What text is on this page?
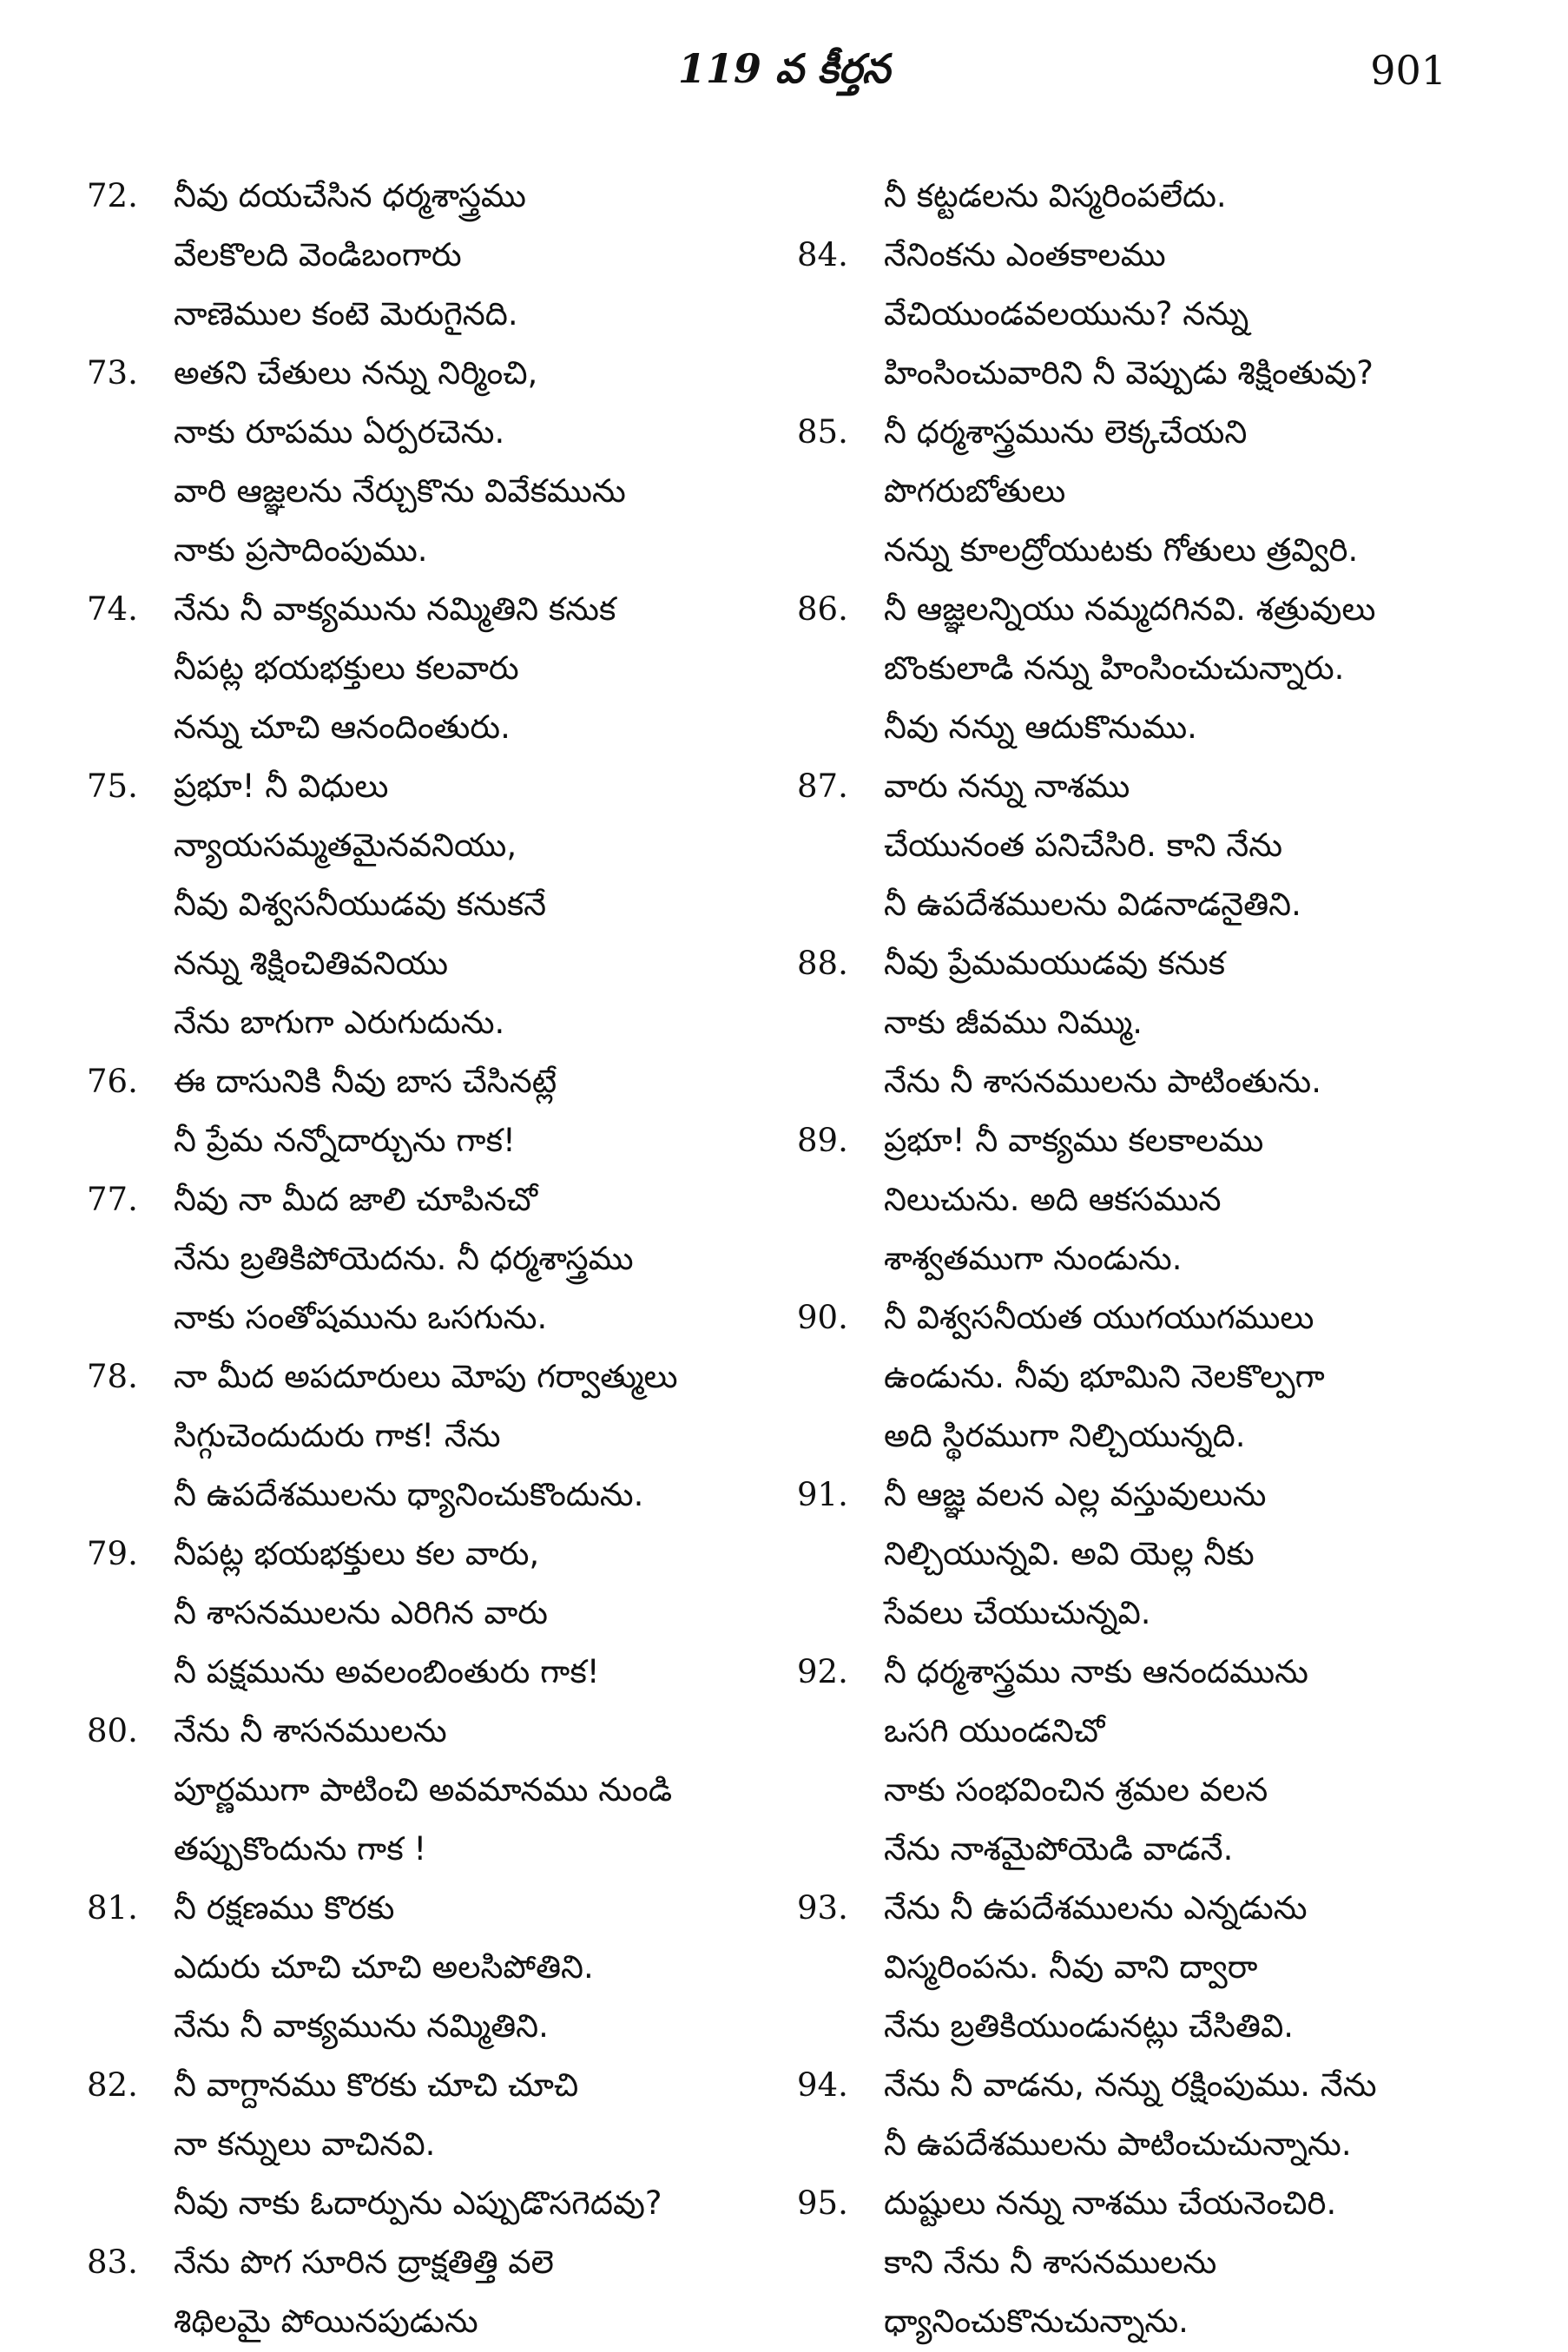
119 వ కీర్తన	901
72.	నీవు దయచేసిన ధర్మశాస్త్రము
వేలకొలది వెండిబంగారు
నాణెముల కంటె మెరుగైనది.
73.	అతని చేతులు నన్ను నిర్మించి,
నాకు రూపము ఏర్పరచెను.
వారి ఆజ్ఞలను నేర్చుకొను వివేకమును
నాకు ప్రసాదింపుము.
74.	నేను నీ వాక్యమును నమ్మితిని కనుక
నీపట్ల భయభక్తులు కలవారు
నన్ను చూచి ఆనందింతురు.
75.	ప్రభూ! నీ విధులు
న్యాయసమ్మతమైనవనియు,
నీవు విశ్వసనీయుడవు కనుకనే
నన్ను శిక్షించితివనియు
నేను బాగుగా ఎరుగుదును.
76.	ఈ దాసునికి నీవు బాస చేసినట్లే
నీ ప్రేమ నన్నోదార్చును గాక!
77.	నీవు నా మీద జాలి చూపినచో
నేను బ్రతికిపోయెదను. నీ ధర్మశాస్త్రము
నాకు సంతోషమును ఒసగును.
78.	నా మీద అపదూరులు మోపు గర్వాత్ములు
సిగ్గుచెందుదురు గాక! నేను
నీ ఉపదేశములను ధ్యానించుకొందును.
79.	నీపట్ల భయభక్తులు కల వారు,
నీ శాసనములను ఎరిగిన వారు
నీ పక్షమును అవలంబింతురు గాక!
80.	నేను నీ శాసనములను
పూర్ణముగా పాటించి అవమానము నుండి
తప్పుకొందును గాక !
81.	నీ రక్షణము కొరకు
ఎదురు చూచి చూచి అలసిపోతిని.
నేను నీ వాక్యమును నమ్మితిని.
82.	నీ వాగ్దానము కొరకు చూచి చూచి
నా కన్నులు వాచినవి.
నీవు నాకు ఓదార్పును ఎప్పుడొసగెదవు?
83.	నేను పొగ సూరిన ద్రాక్షతిత్తి వలె
శిథిలమై పోయినపుడును
నీ కట్టడలను విస్మరింపలేదు.
84.	నేనింకను ఎంతకాలము
వేచియుండవలయును? నన్ను
హింసించువారిని నీ వెప్పుడు శిక్షింతువు?
85.	నీ ధర్మశాస్త్రమును లెక్కచేయని
పొగరుబోతులు
నన్ను కూలద్రోయుటకు గోతులు త్రవ్విరి.
86.	నీ ఆజ్ఞలన్నియు నమ్మదగినవి. శత్రువులు
బొంకులాడి నన్ను హింసించుచున్నారు.
నీవు నన్ను ఆదుకొనుము.
87.	వారు నన్ను నాశము
చేయునంత పనిచేసిరి. కాని నేను
నీ ఉపదేశములను విడనాడనైతిని.
88.	నీవు ప్రేమమయుడవు కనుక
నాకు జీవము నిమ్ము.
నేను నీ శాసనములను పాటింతును.
89.	ప్రభూ! నీ వాక్యము కలకాలము
నిలుచును. అది ఆకసమున
శాశ్వతముగా నుండును.
90.	నీ విశ్వసనీయత యుగయుగములు
ఉండును. నీవు భూమిని నెలకొల్పగా
అది స్థిరముగా నిల్చియున్నది.
91.	నీ ఆజ్ఞ వలన ఎల్ల వస్తువులును
నిల్చియున్నవి. అవి యెల్ల నీకు
సేవలు చేయుచున్నవి.
92.	నీ ధర్మశాస్త్రము నాకు ఆనందమును
ఒసగి యుండనిచో
నాకు సంభవించిన శ్రమల వలన
నేను నాశమైపోయెడి వాడనే.
93.	నేను నీ ఉపదేశములను ఎన్నడును
విస్మరింపను. నీవు వాని ద్వారా
నేను బ్రతికియుండునట్లు చేసితివి.
94.	నేను నీ వాడను, నన్ను రక్షింపుము. నేను
నీ ఉపదేశములను పాటించుచున్నాను.
95.	దుష్టులు నన్ను నాశము చేయనెంచిరి.
కాని నేను నీ శాసనములను
ధ్యానించుకొనుచున్నాను.
